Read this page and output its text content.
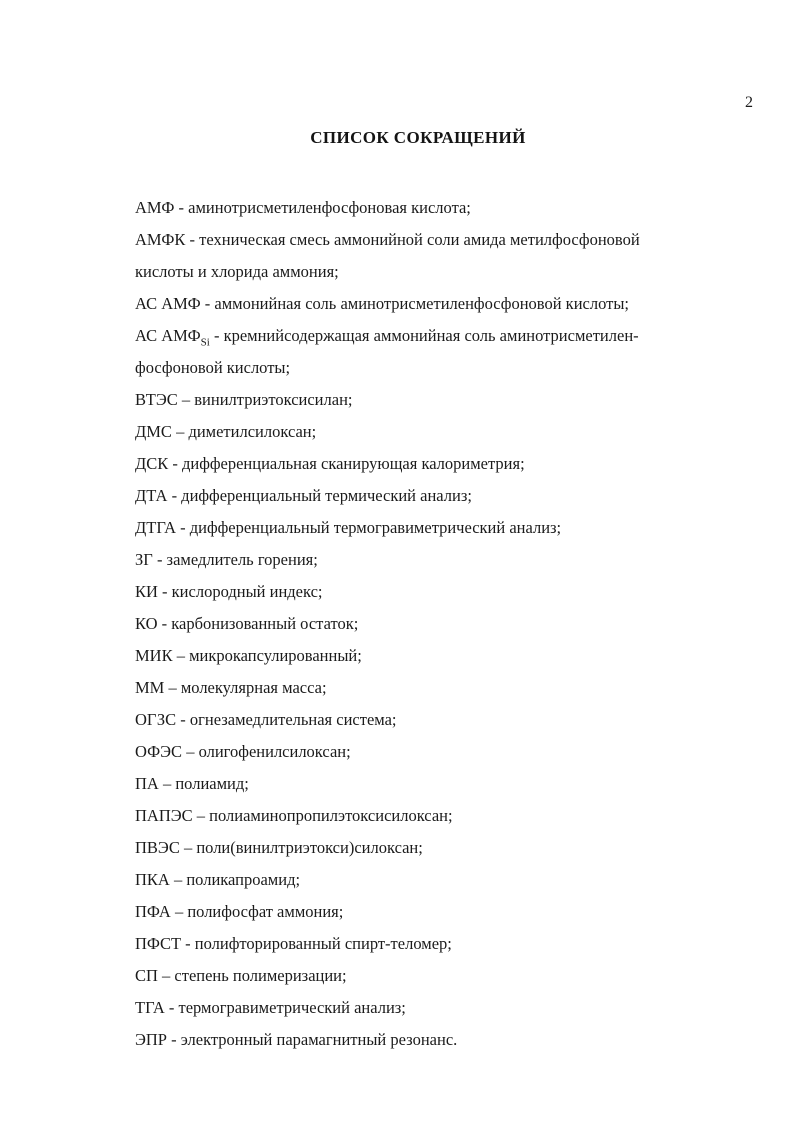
2
СПИСОК СОКРАЩЕНИЙ

АМФ - аминотрисметиленфосфоновая кислота;

АМФК - техническая смесь аммонийной соли амида метилфосфоновой кислоты и хлорида аммония;

АС АМФ - аммонийная соль аминотрисметиленфосфоновой кислоты;

АС $АМФ_{Si}$ - кремнийсодержащая аммонийная соль аминотрисметилен-фосфоновой кислоты;

ВТЭС – винилтриэтоксисилан;

ДМС – диметилсилоксан;

ДСК - дифференциальная сканирующая калориметрия;

ДТА - дифференциальный термический анализ;

ДТГА - дифференциальный термогравиметрический анализ;

ЗГ - замедлитель горения;

КИ - кислородный индекс;

КО - карбонизованный остаток;

МИК – микрокапсулированный;

ММ – молекулярная масса;

ОГЗС - огнезамедлительная система;

ОФЭС – олигофенилсилоксан;

ПА – полиамид;

ПАПЭС – полиаминопропилэтоксисилоксан;

ПВЭС – поли(винилтриэтокси)силоксан;

ПКА – поликапроамид;

ПФА – полифосфат аммония;

ПФСТ - полифторированный спирт-теломер;

СП – степень полимеризации;

ТГА - термогравиметрический анализ;

ЭПР - электронный парамагнитный резонанс.
